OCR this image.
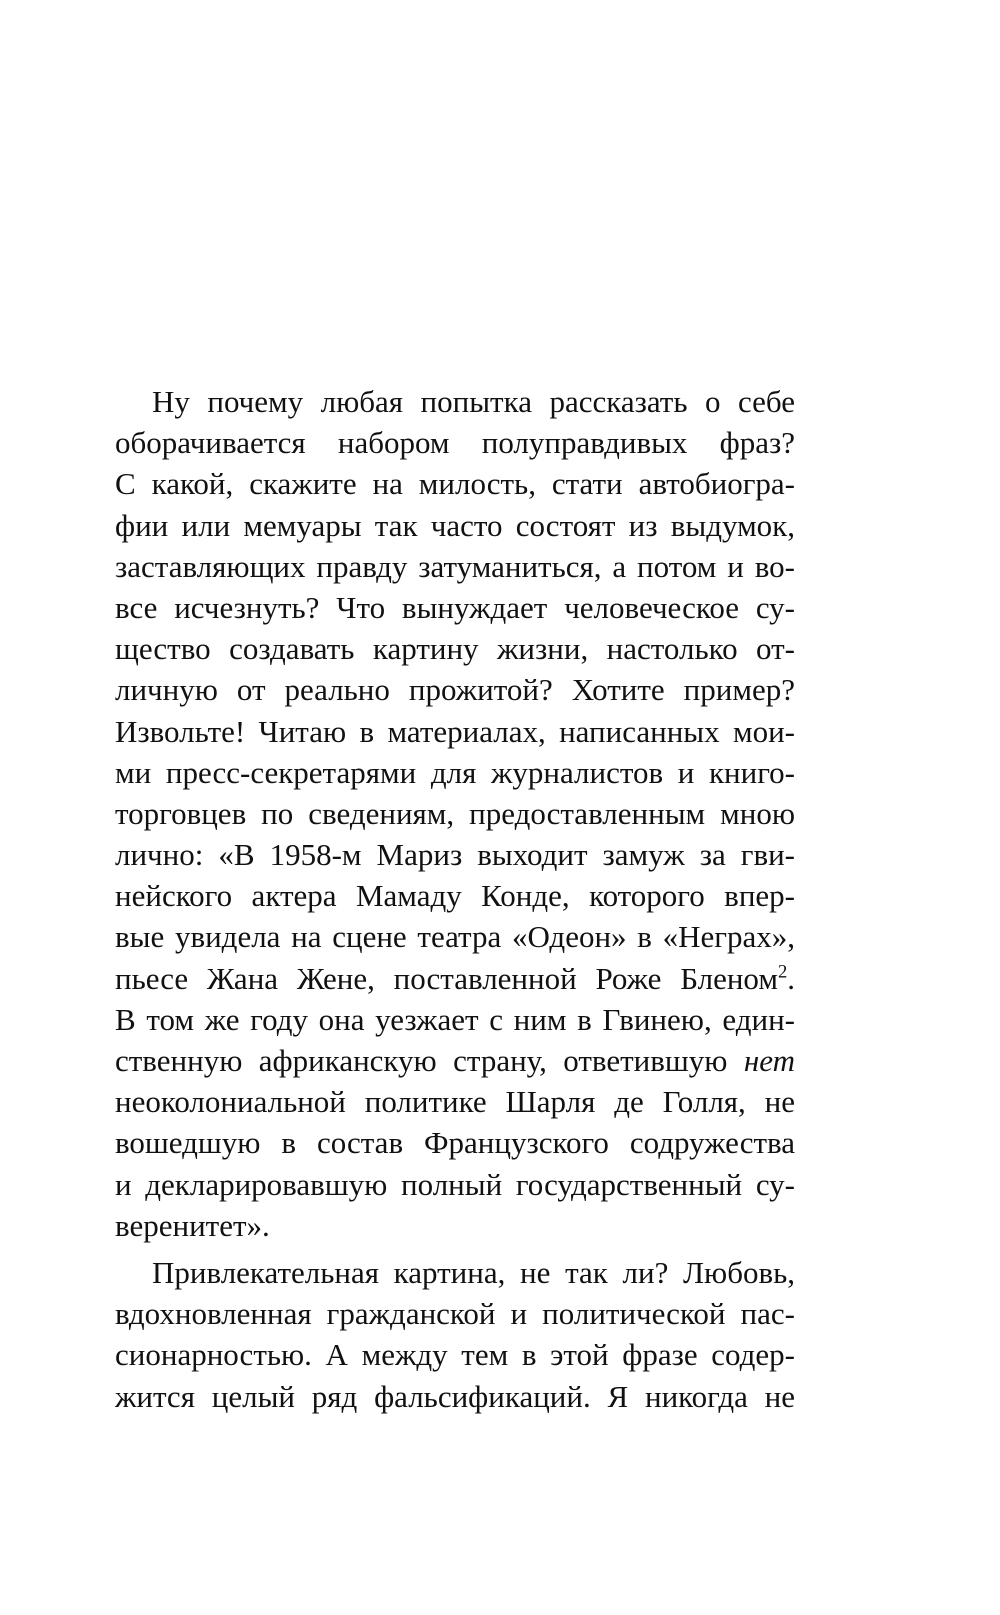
Ну почему любая попытка рассказать о себе
оборачивается набором полуправдивых фраз?
С какой, скажите на милость, стати автобиогра-
фии или мемуары так часто состоят из выдумок,
заставляющих правду затуманиться, а потом и во-
все исчезнуть? Что вынуждает человеческое су-
щество создавать картину жизни, настолько от-
личную от реально прожитой? Хотите пример?
Извольте! Читаю в материалах, написанных мои-
ми пресс-секретарями для журналистов и книго-
торговцев по сведениям, предоставленным мною
лично: «В 1958-м Мариз выходит замуж за гви-
нейского актера Мамаду Конде, которого впер-
вые увидела на сцене театра «Одеон» в «Неграх»,
пьесе Жана Жене, поставленной Роже Бленом$^2$.
В том же году она уезжает с ним в Гвинею, един-
ственную африканскую страну, ответившую нет
неоколониальной политике Шарля де Голля, не
вошедшую в состав Французского содружества
и декларировавшую полный государственный су-
веренитет».

Привлекательная картина, не так ли? Любовь,
вдохновленная гражданской и политической пас-
сионарностью. А между тем в этой фразе содер-
жится целый ряд фальсификаций. Я никогда не
